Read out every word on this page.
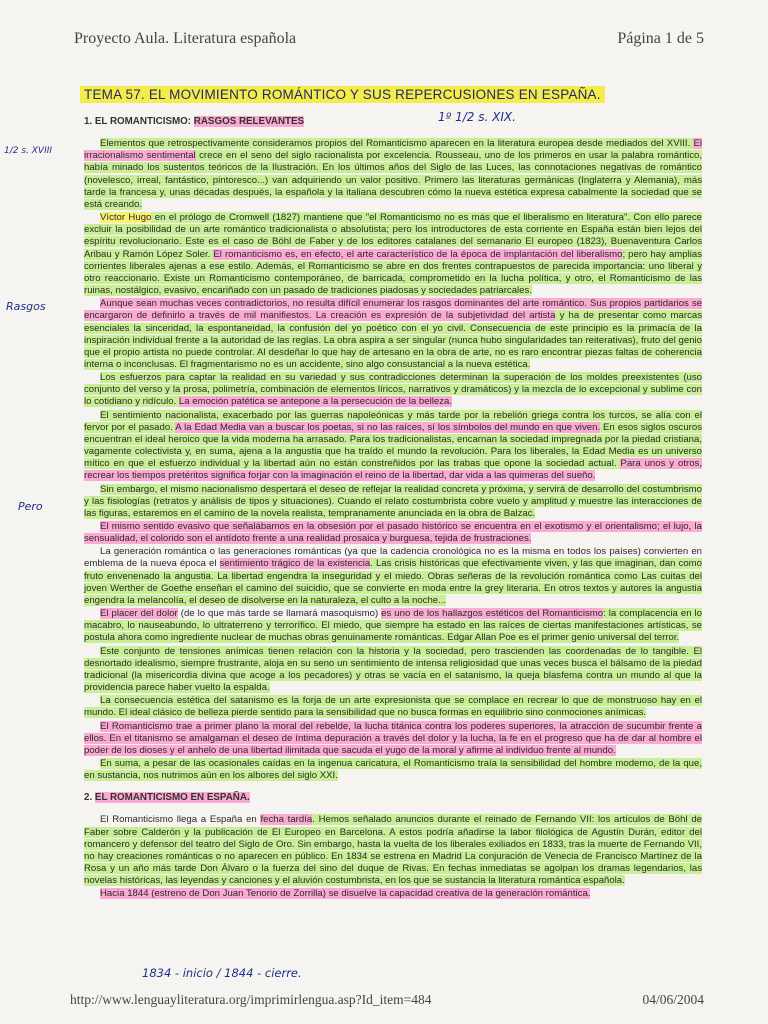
Proyecto Aula. Literatura española	Página 1 de 5
TEMA 57. EL MOVIMIENTO ROMÁNTICO Y SUS REPERCUSIONES EN ESPAÑA.

1. EL ROMANTICISMO: RASGOS RELEVANTES

Elementos que retrospectivamente consideramos propios del Romanticismo aparecen en la literatura europea desde mediados del XVIII. El irracionalismo sentimental crece en el seno del siglo racionalista por excelencia. Rousseau, uno de los primeros en usar la palabra romántico, había minado los sustentos teóricos de la Ilustración. En los últimos años del Siglo de las Luces, las connotaciones negativas de romántico (novelesco, irreal, fantástico, pintoresco...) van adquiriendo un valor positivo. Primero las literaturas germánicas (Inglaterra y Alemania), más tarde la francesa y, unas décadas después, la española y la italiana descubren cómo la nueva estética expresa cabalmente la sociedad que se está creando.

Víctor Hugo en el prólogo de Cromwell (1827) mantiene que "el Romanticismo no es más que el liberalismo en literatura". Con ello parece excluir la posibilidad de un arte romántico tradicionalista o absolutista; pero los introductores de esta corriente en España están bien lejos del espíritu revolucionario. Este es el caso de Böhl de Faber y de los editores catalanes del semanario El europeo (1823), Buenaventura Carlos Aribau y Ramón López Soler. El romanticismo es, en efecto, el arte característico de la época de implantación del liberalismo; pero hay amplias corrientes liberales ajenas a ese estilo. Además, el Romanticismo se abre en dos frentes contrapuestos de parecida importancia: uno liberal y otro reaccionario. Existe un Romanticismo contemporáneo, de barricada, comprometido en la lucha política, y otro, el Romanticismo de las ruinas, nostálgico, evasivo, encariñado con un pasado de tradiciones piadosas y sociedades patriarcales.

Aunque sean muchas veces contradictorios, no resulta difícil enumerar los rasgos dominantes del arte romántico. Sus propios partidarios se encargaron de definirlo a través de mil manifiestos. La creación es expresión de la subjetividad del artista y ha de presentar como marcas esenciales la sinceridad, la espontaneidad, la confusión del yo poético con el yo civil. Consecuencia de este principio es la primacía de la inspiración individual frente a la autoridad de las reglas. La obra aspira a ser singular (nunca hubo singularidades tan reiterativas), fruto del genio que el propio artista no puede controlar. Al desdeñar lo que hay de artesano en la obra de arte, no es raro encontrar piezas faltas de coherencia interna o inconclusas. El fragmentarismo no es un accidente, sino algo consustancial a la nueva estética.

Los esfuerzos para captar la realidad en su variedad y sus contradicciones determinan la superación de los moldes preexistentes (uso conjunto del verso y la prosa, polimetría, combinación de elementos líricos, narrativos y dramáticos) y la mezcla de lo excepcional y sublime con lo cotidiano y ridículo. La emoción patética se antepone a la persecución de la belleza.

El sentimiento nacionalista, exacerbado por las guerras napoleónicas y más tarde por la rebelión griega contra los turcos, se alía con el fervor por el pasado. A la Edad Media van a buscar los poetas, si no las raíces, sí los símbolos del mundo en que viven. En esos siglos oscuros encuentran el ideal heroico que la vida moderna ha arrasado. Para los tradicionalistas, encarnan la sociedad impregnada por la piedad cristiana, vagamente colectivista y, en suma, ajena a la angustia que ha traído el mundo la revolución. Para los liberales, la Edad Media es un universo mítico en que el esfuerzo individual y la libertad aún no están constreñidos por las trabas que opone la sociedad actual. Para unos y otros, recrear los tiempos pretéritos significa forjar con la imaginación el reino de la libertad, dar vida a las quimeras del sueño.

Sin embargo, el mismo nacionalismo despertará el deseo de reflejar la realidad concreta y próxima, y servirá de desarrollo del costumbrismo y las fisiologías (retratos y análisis de tipos y situaciones). Cuando el relato costumbrista cobre vuelo y amplitud y muestre las interacciones de las figuras, estaremos en el camino de la novela realista, tempranamente anunciada en la obra de Balzac.

El mismo sentido evasivo que señalábamos en la obsesión por el pasado histórico se encuentra en el exotismo y el orientalismo; el lujo, la sensualidad, el colorido son el antídoto frente a una realidad prosaica y burguesa, tejida de frustraciones.

La generación romántica o las generaciones románticas (ya que la cadencia cronológica no es la misma en todos los países) convierten en emblema de la nueva época el sentimiento trágico de la existencia. Las crisis históricas que efectivamente viven, y las que imaginan, dan como fruto envenenado la angustia. La libertad engendra la inseguridad y el miedo. Obras señeras de la revolución romántica como Las cuitas del joven Werther de Goethe enseñan el camino del suicidio, que se convierte en moda entre la grey literaria. En otros textos y autores la angustia engendra la melancolía, el deseo de disolverse en la naturaleza, el culto a la noche...

El placer del dolor (de lo que más tarde se llamará masoquismo) es uno de los hallazgos estéticos del Romanticismo: la complacencia en lo macabro, lo nauseabundo, lo ultraterreno y terrorífico. El miedo, que siempre ha estado en las raíces de ciertas manifestaciones artísticas, se postula ahora como ingrediente nuclear de muchas obras genuinamente románticas. Edgar Allan Poe es el primer genio universal del terror.

Este conjunto de tensiones anímicas tienen relación con la historia y la sociedad, pero trascienden las coordenadas de lo tangible. El desnortado idealismo, siempre frustrante, aloja en su seno un sentimiento de intensa religiosidad que unas veces busca el bálsamo de la piedad tradicional (la misericordia divina que acoge a los pecadores) y otras se vacía en el satanismo, la queja blasfema contra un mundo al que la providencia parece haber vuelto la espalda.

La consecuencia estética del satanismo es la forja de un arte expresionista que se complace en recrear lo que de monstruoso hay en el mundo. El ideal clásico de belleza pierde sentido para la sensibilidad que no busca formas en equilibrio sino conmociones anímicas.

El Romanticismo trae a primer plano la moral del rebelde, la lucha titánica contra los poderes superiores, la atracción de sucumbir frente a ellos. En el titanismo se amalgaman el deseo de íntima depuración a través del dolor y la lucha, la fe en el progreso que ha de dar al hombre el poder de los dioses y el anhelo de una libertad ilimitada que sacuda el yugo de la moral y afirme al individuo frente al mundo.

En suma, a pesar de las ocasionales caídas en la ingenua caricatura, el Romanticismo traía la sensibilidad del hombre moderno, de la que, en sustancia, nos nutrimos aún en los albores del siglo XXI.

2. EL ROMANTICISMO EN ESPAÑA.

El Romanticismo llega a España en fecha tardía. Hemos señalado anuncios durante el reinado de Fernando VII: los artículos de Böhl de Faber sobre Calderón y la publicación de El Europeo en Barcelona. A estos podría añadirse la labor filológica de Agustín Durán, editor del romancero y defensor del teatro del Siglo de Oro. Sin embargo, hasta la vuelta de los liberales exiliados en 1833, tras la muerte de Fernando VII, no hay creaciones románticas o no aparecen en público. En 1834 se estrena en Madrid La conjuración de Venecia de Francisco Martínez de la Rosa y un año más tarde Don Álvaro o la fuerza del sino del duque de Rivas. En fechas inmediatas se agolpan los dramas legendarios, las novelas históricas, las leyendas y canciones y el aluvión costumbrista, en los que se sustancia la literatura romántica española.

Hacia 1844 (estreno de Don Juan Tenorio de Zorrilla) se disuelve la capacidad creativa de la generación romántica.

1º 1/2 s. XIX.
1/2 s. XVIII
Rasgos
Pero
1834 - inicio / 1844 - cierre.
http://www.lenguayliteratura.org/imprimirlengua.asp?Id_item=484	04/06/2004
